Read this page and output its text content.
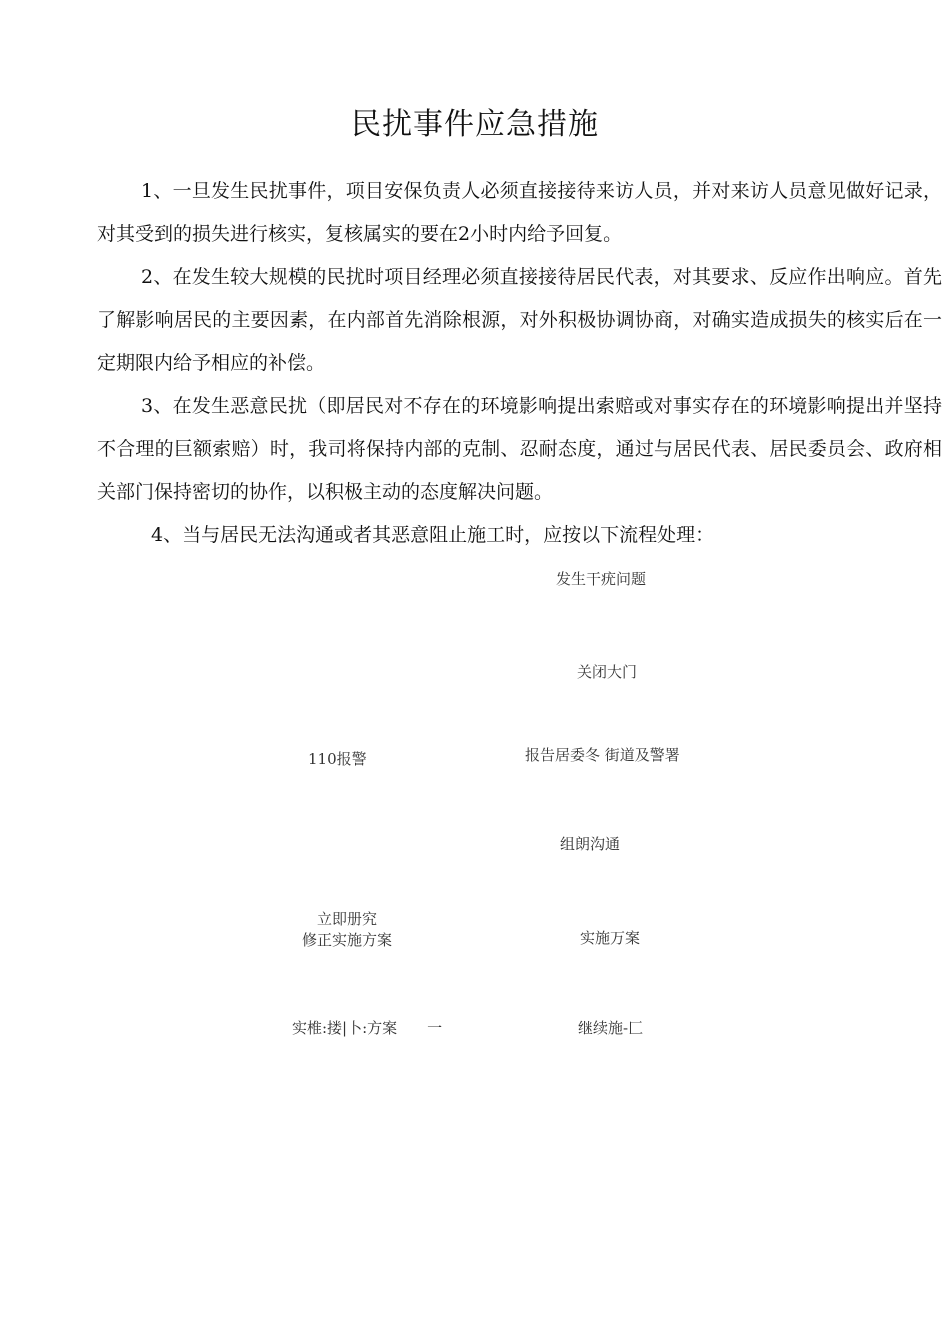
民扰事件应急措施

1、一旦发生民扰事件，项目安保负责人必须直接接待来访人员，并对来访人员意见做好记录，对其受到的损失进行核实，复核属实的要在2小时内给予回复。

2、在发生较大规模的民扰时项目经理必须直接接待居民代表，对其要求、反应作出响应。首先了解影响居民的主要因素，在内部首先消除根源，对外积极协调协商，对确实造成损失的核实后在一定期限内给予相应的补偿。

3、在发生恶意民扰（即居民对不存在的环境影响提出索赔或对事实存在的环境影响提出并坚持不合理的巨额索赔）时，我司将保持内部的克制、忍耐态度，通过与居民代表、居民委员会、政府相关部门保持密切的协作，以积极主动的态度解决问题。

4、当与居民无法沟通或者其恶意阻止施工时，应按以下流程处理：

发生干疣问题
关闭大门
110报警	报告居委冬 街道及警署
组朗沟通
立即册究
修正实施方案	实施万案
实椎:搂|卜:方案　　一	继续施-匚
